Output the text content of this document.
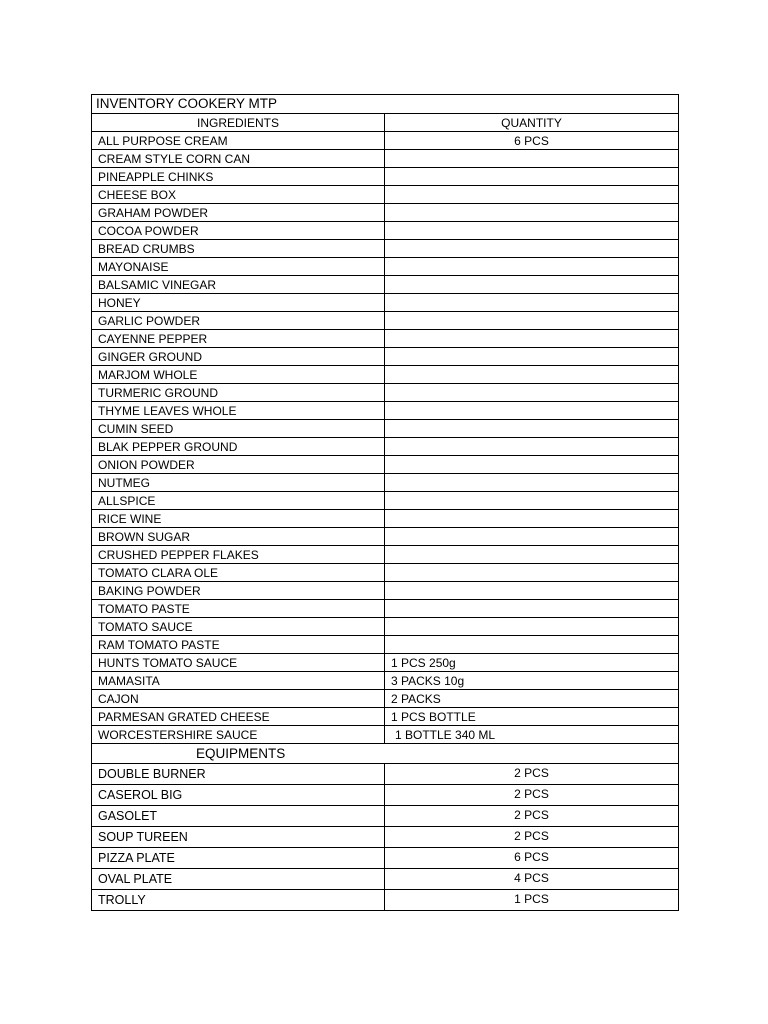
INVENTORY COOKERY MTP	
INGREDIENTS	QUANTITY
ALL PURPOSE CREAM	6 PCS
CREAM STYLE CORN CAN	
PINEAPPLE CHINKS	
CHEESE BOX	
GRAHAM POWDER	
COCOA POWDER	
BREAD CRUMBS	
MAYONAISE	
BALSAMIC VINEGAR	
HONEY	
GARLIC POWDER	
CAYENNE PEPPER	
GINGER GROUND	
MARJOM WHOLE	
TURMERIC GROUND	
THYME LEAVES WHOLE	
CUMIN SEED	
BLAK PEPPER GROUND	
ONION POWDER	
NUTMEG	
ALLSPICE	
RICE WINE	
BROWN SUGAR	
CRUSHED PEPPER FLAKES	
TOMATO CLARA OLE	
BAKING POWDER	
TOMATO PASTE	
TOMATO SAUCE	
RAM TOMATO PASTE	
HUNTS TOMATO SAUCE	1 PCS 250g
MAMASITA	3 PACKS 10g
CAJON	2 PACKS
PARMESAN GRATED CHEESE	1 PCS BOTTLE
WORCESTERSHIRE SAUCE	1 BOTTLE 340 ML
EQUIPMENTS	
DOUBLE BURNER	2 PCS
CASEROL BIG	2 PCS
GASOLET	2 PCS
SOUP TUREEN	2 PCS
PIZZA PLATE	6 PCS
OVAL PLATE	4 PCS
TROLLY	1 PCS
